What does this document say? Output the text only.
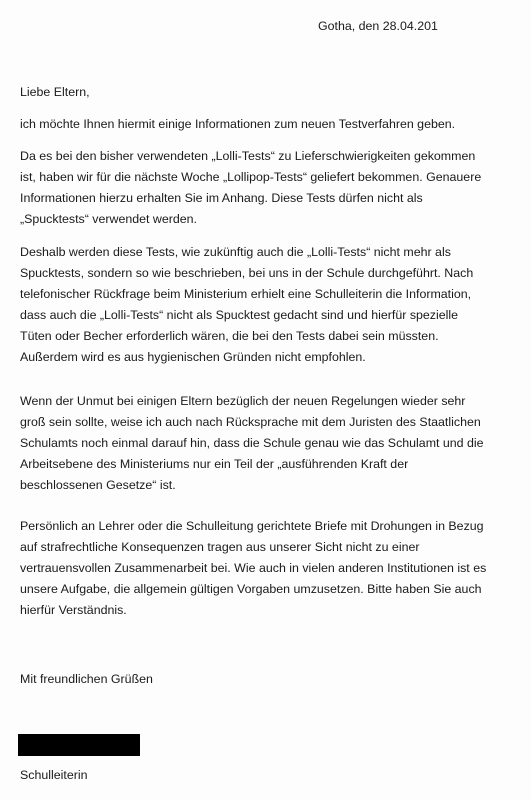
Gotha, den 28.04.201
Liebe Eltern,
ich möchte Ihnen hiermit einige Informationen zum neuen Testverfahren geben.
Da es bei den bisher verwendeten „Lolli-Tests“ zu Lieferschwierigkeiten gekommen
ist, haben wir für die nächste Woche „Lollipop-Tests“ geliefert bekommen. Genauere
Informationen hierzu erhalten Sie im Anhang. Diese Tests dürfen nicht als
„Spucktests“ verwendet werden.
Deshalb werden diese Tests, wie zukünftig auch die „Lolli-Tests“ nicht mehr als
Spucktests, sondern so wie beschrieben, bei uns in der Schule durchgeführt. Nach
telefonischer Rückfrage beim Ministerium erhielt eine Schulleiterin die Information,
dass auch die „Lolli-Tests“ nicht als Spucktest gedacht sind und hierfür spezielle
Tüten oder Becher erforderlich wären, die bei den Tests dabei sein müssten.
Außerdem wird es aus hygienischen Gründen nicht empfohlen.
Wenn der Unmut bei einigen Eltern bezüglich der neuen Regelungen wieder sehr
groß sein sollte, weise ich auch nach Rücksprache mit dem Juristen des Staatlichen
Schulamts noch einmal darauf hin, dass die Schule genau wie das Schulamt und die
Arbeitsebene des Ministeriums nur ein Teil der „ausführenden Kraft der
beschlossenen Gesetze“ ist.
Persönlich an Lehrer oder die Schulleitung gerichtete Briefe mit Drohungen in Bezug
auf strafrechtliche Konsequenzen tragen aus unserer Sicht nicht zu einer
vertrauensvollen Zusammenarbeit bei. Wie auch in vielen anderen Institutionen ist es
unsere Aufgabe, die allgemein gültigen Vorgaben umzusetzen. Bitte haben Sie auch
hierfür Verständnis.
Mit freundlichen Grüßen
Schulleiterin
